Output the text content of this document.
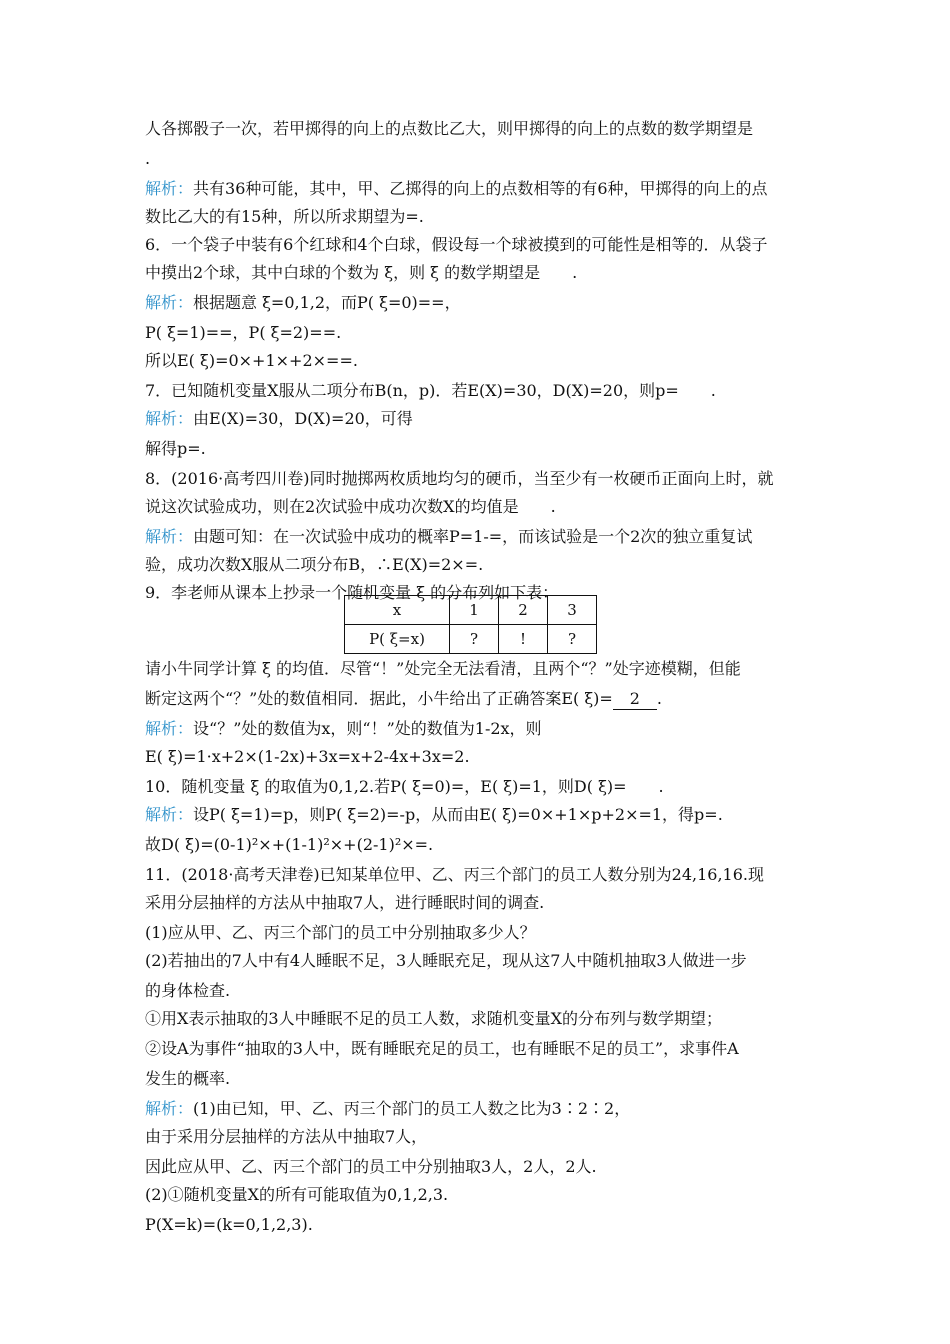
人各掷骰子一次，若甲掷得的向上的点数比乙大，则甲掷得的向上的点数的数学期望是
.
解析：共有36种可能，其中，甲、乙掷得的向上的点数相等的有6种，甲掷得的向上的点
数比乙大的有15种，所以所求期望为=.
6．一个袋子中装有6个红球和4个白球，假设每一个球被摸到的可能性是相等的．从袋子
中摸出2个球，其中白球的个数为 ξ，则 ξ 的数学期望是　　.
解析：根据题意 ξ=0,1,2，而P( ξ=0)==，
P( ξ=1)==，P( ξ=2)==.
所以E( ξ)=0×+1×+2×==.
7．已知随机变量X服从二项分布B(n，p)．若E(X)=30，D(X)=20，则p=　　.
解析：由E(X)=30，D(X)=20，可得
解得p=.
8．(2016·高考四川卷)同时抛掷两枚质地均匀的硬币，当至少有一枚硬币正面向上时，就
说这次试验成功，则在2次试验中成功次数X的均值是　　.
解析：由题可知：在一次试验中成功的概率P=1-=，而该试验是一个2次的独立重复试
验，成功次数X服从二项分布B，∴E(X)=2×=.
9．李老师从课本上抄录一个随机变量 ξ 的分布列如下表：
请小牛同学计算 ξ 的均值．尽管“！”处完全无法看清，且两个“？”处字迹模糊，但能
断定这两个“？”处的数值相同．据此，小牛给出了正确答案E( ξ)= 2 .
解析：设“？”处的数值为x，则“！”处的数值为1-2x，则
E( ξ)=1·x+2×(1-2x)+3x=x+2-4x+3x=2.
10．随机变量 ξ 的取值为0,1,2.若P( ξ=0)=，E( ξ)=1，则D( ξ)=　　.
解析：设P( ξ=1)=p，则P( ξ=2)=-p，从而由E( ξ)=0×+1×p+2×=1，得p=.
故D( ξ)=(0-1)²×+(1-1)²×+(2-1)²×=.
11．(2018·高考天津卷)已知某单位甲、乙、丙三个部门的员工人数分别为24,16,16.现
采用分层抽样的方法从中抽取7人，进行睡眠时间的调查.
(1)应从甲、乙、丙三个部门的员工中分别抽取多少人？
(2)若抽出的7人中有4人睡眠不足，3人睡眠充足，现从这7人中随机抽取3人做进一步
的身体检查.
①用X表示抽取的3人中睡眠不足的员工人数，求随机变量X的分布列与数学期望；
②设A为事件“抽取的3人中，既有睡眠充足的员工，也有睡眠不足的员工”，求事件A
发生的概率.
解析：(1)由已知，甲、乙、丙三个部门的员工人数之比为3∶2∶2，
由于采用分层抽样的方法从中抽取7人，
因此应从甲、乙、丙三个部门的员工中分别抽取3人，2人，2人.
(2)①随机变量X的所有可能取值为0,1,2,3.
P(X=k)=(k=0,1,2,3).
x	1	2	3
P( ξ=x)	?	!	?
